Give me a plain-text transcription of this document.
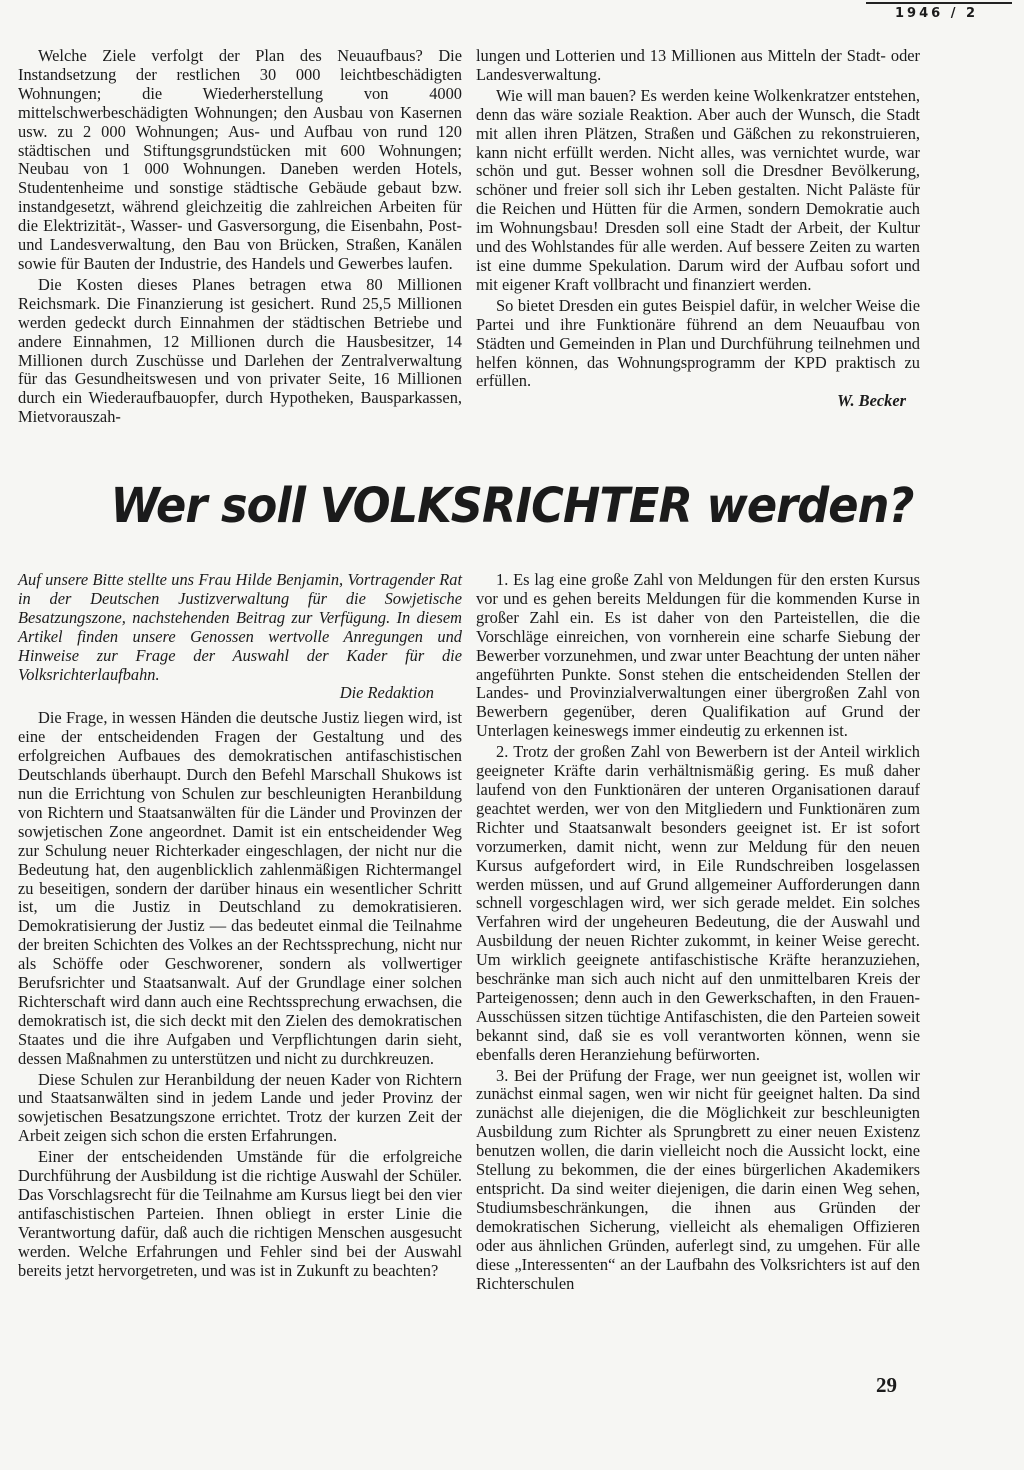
1946 / 2

Welche Ziele verfolgt der Plan des Neuaufbaus? Die Instandsetzung der restlichen 30 000 leichtbeschädigten Wohnungen; die Wiederherstellung von 4000 mittelschwerbeschädigten Wohnungen; den Ausbau von Kasernen usw. zu 2 000 Wohnungen; Aus- und Aufbau von rund 120 städtischen und Stiftungsgrundstücken mit 600 Wohnungen; Neubau von 1 000 Wohnungen. Daneben werden Hotels, Studentenheime und sonstige städtische Gebäude gebaut bzw. instandgesetzt, während gleichzeitig die zahlreichen Arbeiten für die Elektrizität-, Wasser- und Gasversorgung, die Eisenbahn, Post- und Landesverwaltung, den Bau von Brücken, Straßen, Kanälen sowie für Bauten der Industrie, des Handels und Gewerbes laufen.

Die Kosten dieses Planes betragen etwa 80 Millionen Reichsmark. Die Finanzierung ist gesichert. Rund 25,5 Millionen werden gedeckt durch Einnahmen der städtischen Betriebe und andere Einnahmen, 12 Millionen durch die Hausbesitzer, 14 Millionen durch Zuschüsse und Darlehen der Zentralverwaltung für das Gesundheitswesen und von privater Seite, 16 Millionen durch ein Wiederaufbauopfer, durch Hypotheken, Bausparkassen, Mietvorauszah-

lungen und Lotterien und 13 Millionen aus Mitteln der Stadt- oder Landesverwaltung.

Wie will man bauen? Es werden keine Wolkenkratzer entstehen, denn das wäre soziale Reaktion. Aber auch der Wunsch, die Stadt mit allen ihren Plätzen, Straßen und Gäßchen zu rekonstruieren, kann nicht erfüllt werden. Nicht alles, was vernichtet wurde, war schön und gut. Besser wohnen soll die Dresdner Bevölkerung, schöner und freier soll sich ihr Leben gestalten. Nicht Paläste für die Reichen und Hütten für die Armen, sondern Demokratie auch im Wohnungsbau! Dresden soll eine Stadt der Arbeit, der Kultur und des Wohlstandes für alle werden. Auf bessere Zeiten zu warten ist eine dumme Spekulation. Darum wird der Aufbau sofort und mit eigener Kraft vollbracht und finanziert werden.

So bietet Dresden ein gutes Beispiel dafür, in welcher Weise die Partei und ihre Funktionäre führend an dem Neuaufbau von Städten und Gemeinden in Plan und Durchführung teilnehmen und helfen können, das Wohnungsprogramm der KPD praktisch zu erfüllen.

W. Becker
Wer soll VOLKSRICHTER werden?
Auf unsere Bitte stellte uns Frau Hilde Benjamin, Vortragender Rat in der Deutschen Justizverwaltung für die Sowjetische Besatzungszone, nachstehenden Beitrag zur Verfügung. In diesem Artikel finden unsere Genossen wertvolle Anregungen und Hinweise zur Frage der Auswahl der Kader für die Volksrichterlaufbahn.
Die Redaktion

Die Frage, in wessen Händen die deutsche Justiz liegen wird, ist eine der entscheidenden Fragen der Gestaltung und des erfolgreichen Aufbaues des demokratischen antifaschistischen Deutschlands überhaupt. Durch den Befehl Marschall Shukows ist nun die Errichtung von Schulen zur beschleunigten Heranbildung von Richtern und Staatsanwälten für die Länder und Provinzen der sowjetischen Zone angeordnet. Damit ist ein entscheidender Weg zur Schulung neuer Richterkader eingeschlagen, der nicht nur die Bedeutung hat, den augenblicklich zahlenmäßigen Richtermangel zu beseitigen, sondern der darüber hinaus ein wesentlicher Schritt ist, um die Justiz in Deutschland zu demokratisieren. Demokratisierung der Justiz — das bedeutet einmal die Teilnahme der breiten Schichten des Volkes an der Rechtssprechung, nicht nur als Schöffe oder Geschworener, sondern als vollwertiger Berufsrichter und Staatsanwalt. Auf der Grundlage einer solchen Richterschaft wird dann auch eine Rechtssprechung erwachsen, die demokratisch ist, die sich deckt mit den Zielen des demokratischen Staates und die ihre Aufgaben und Verpflichtungen darin sieht, dessen Maßnahmen zu unterstützen und nicht zu durchkreuzen.

Diese Schulen zur Heranbildung der neuen Kader von Richtern und Staatsanwälten sind in jedem Lande und jeder Provinz der sowjetischen Besatzungszone errichtet. Trotz der kurzen Zeit der Arbeit zeigen sich schon die ersten Erfahrungen.

Einer der entscheidenden Umstände für die erfolgreiche Durchführung der Ausbildung ist die richtige Auswahl der Schüler. Das Vorschlagsrecht für die Teilnahme am Kursus liegt bei den vier antifaschistischen Parteien. Ihnen obliegt in erster Linie die Verantwortung dafür, daß auch die richtigen Menschen ausgesucht werden. Welche Erfahrungen und Fehler sind bei der Auswahl bereits jetzt hervorgetreten, und was ist in Zukunft zu beachten?

1. Es lag eine große Zahl von Meldungen für den ersten Kursus vor und es gehen bereits Meldungen für die kommenden Kurse in großer Zahl ein. Es ist daher von den Parteistellen, die die Vorschläge einreichen, von vornherein eine scharfe Siebung der Bewerber vorzunehmen, und zwar unter Beachtung der unten näher angeführten Punkte. Sonst stehen die entscheidenden Stellen der Landes- und Provinzialverwaltungen einer übergroßen Zahl von Bewerbern gegenüber, deren Qualifikation auf Grund der Unterlagen keineswegs immer eindeutig zu erkennen ist.

2. Trotz der großen Zahl von Bewerbern ist der Anteil wirklich geeigneter Kräfte darin verhältnismäßig gering. Es muß daher laufend von den Funktionären der unteren Organisationen darauf geachtet werden, wer von den Mitgliedern und Funktionären zum Richter und Staatsanwalt besonders geeignet ist. Er ist sofort vorzumerken, damit nicht, wenn zur Meldung für den neuen Kursus aufgefordert wird, in Eile Rundschreiben losgelassen werden müssen, und auf Grund allgemeiner Aufforderungen dann schnell vorgeschlagen wird, wer sich gerade meldet. Ein solches Verfahren wird der ungeheuren Bedeutung, die der Auswahl und Ausbildung der neuen Richter zukommt, in keiner Weise gerecht. Um wirklich geeignete antifaschistische Kräfte heranzuziehen, beschränke man sich auch nicht auf den unmittelbaren Kreis der Parteigenossen; denn auch in den Gewerkschaften, in den Frauen-Ausschüssen sitzen tüchtige Antifaschisten, die den Parteien soweit bekannt sind, daß sie es voll verantworten können, wenn sie ebenfalls deren Heranziehung befürworten.

3. Bei der Prüfung der Frage, wer nun geeignet ist, wollen wir zunächst einmal sagen, wen wir nicht für geeignet halten. Da sind zunächst alle diejenigen, die die Möglichkeit zur beschleunigten Ausbildung zum Richter als Sprungbrett zu einer neuen Existenz benutzen wollen, die darin vielleicht noch die Aussicht lockt, eine Stellung zu bekommen, die der eines bürgerlichen Akademikers entspricht. Da sind weiter diejenigen, die darin einen Weg sehen, Studiumsbeschränkungen, die ihnen aus Gründen der demokratischen Sicherung, vielleicht als ehemaligen Offizieren oder aus ähnlichen Gründen, auferlegt sind, zu umgehen. Für alle diese „Interessenten“ an der Laufbahn des Volksrichters ist auf den Richterschulen

29
